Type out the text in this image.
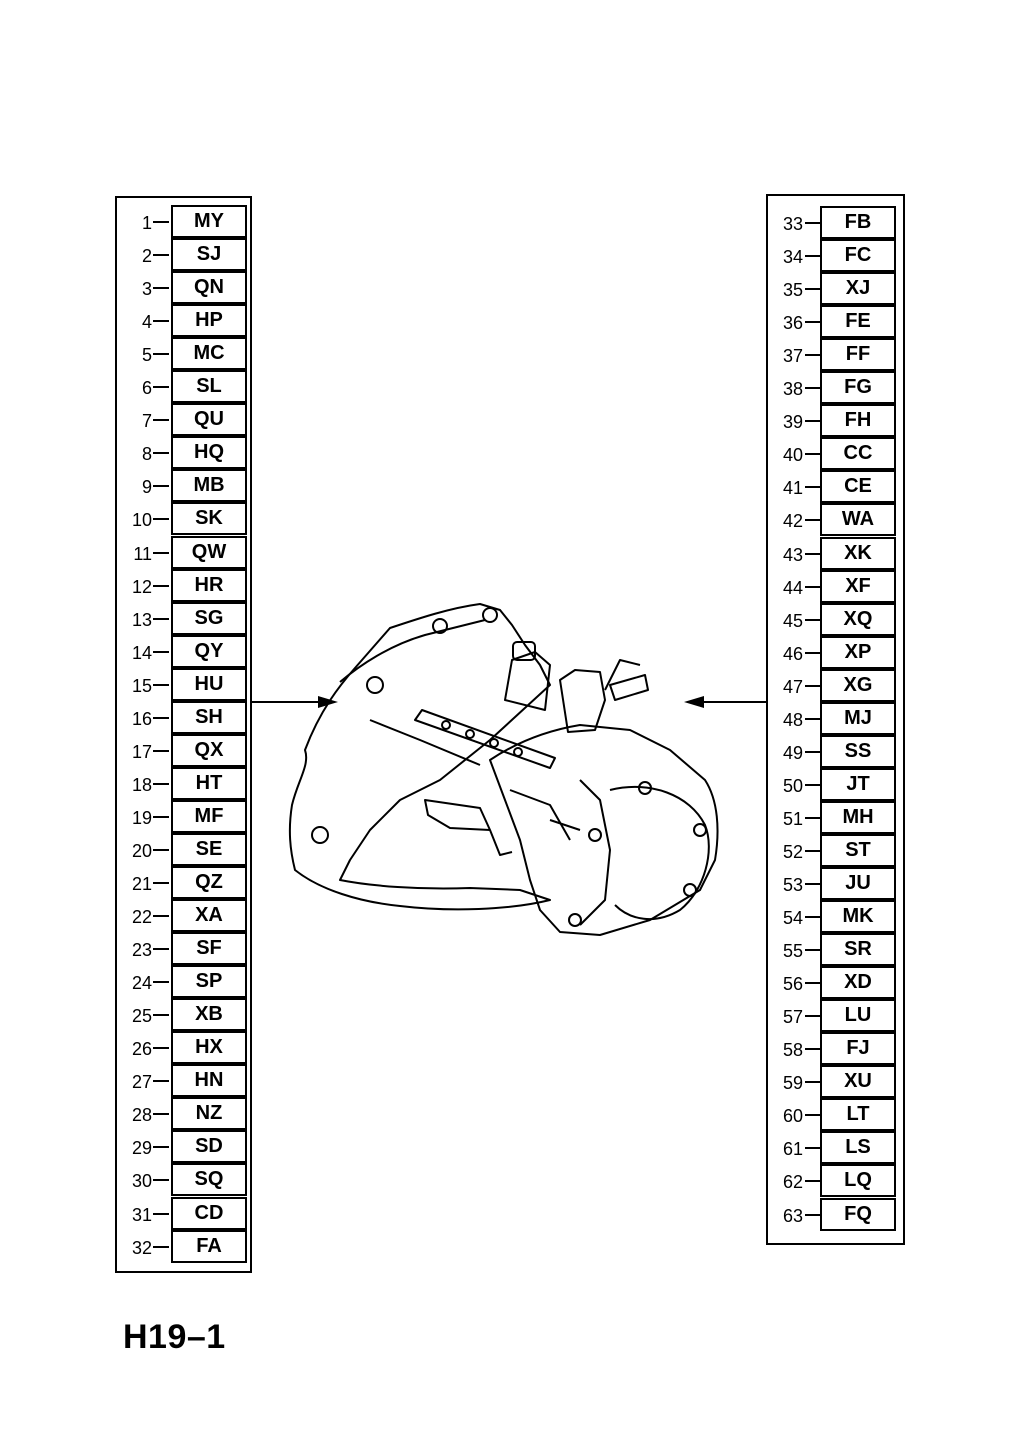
1	MY
2	SJ
3	QN
4	HP
5	MC
6	SL
7	QU
8	HQ
9	MB
10	SK
11	QW
12	HR
13	SG
14	QY
15	HU
16	SH
17	QX
18	HT
19	MF
20	SE
21	QZ
22	XA
23	SF
24	SP
25	XB
26	HX
27	HN
28	NZ
29	SD
30	SQ
31	CD
32	FA
33	FB
34	FC
35	XJ
36	FE
37	FF
38	FG
39	FH
40	CC
41	CE
42	WA
43	XK
44	XF
45	XQ
46	XP
47	XG
48	MJ
49	SS
50	JT
51	MH
52	ST
53	JU
54	MK
55	SR
56	XD
57	LU
58	FJ
59	XU
60	LT
61	LS
62	LQ
63	FQ
H19–1
